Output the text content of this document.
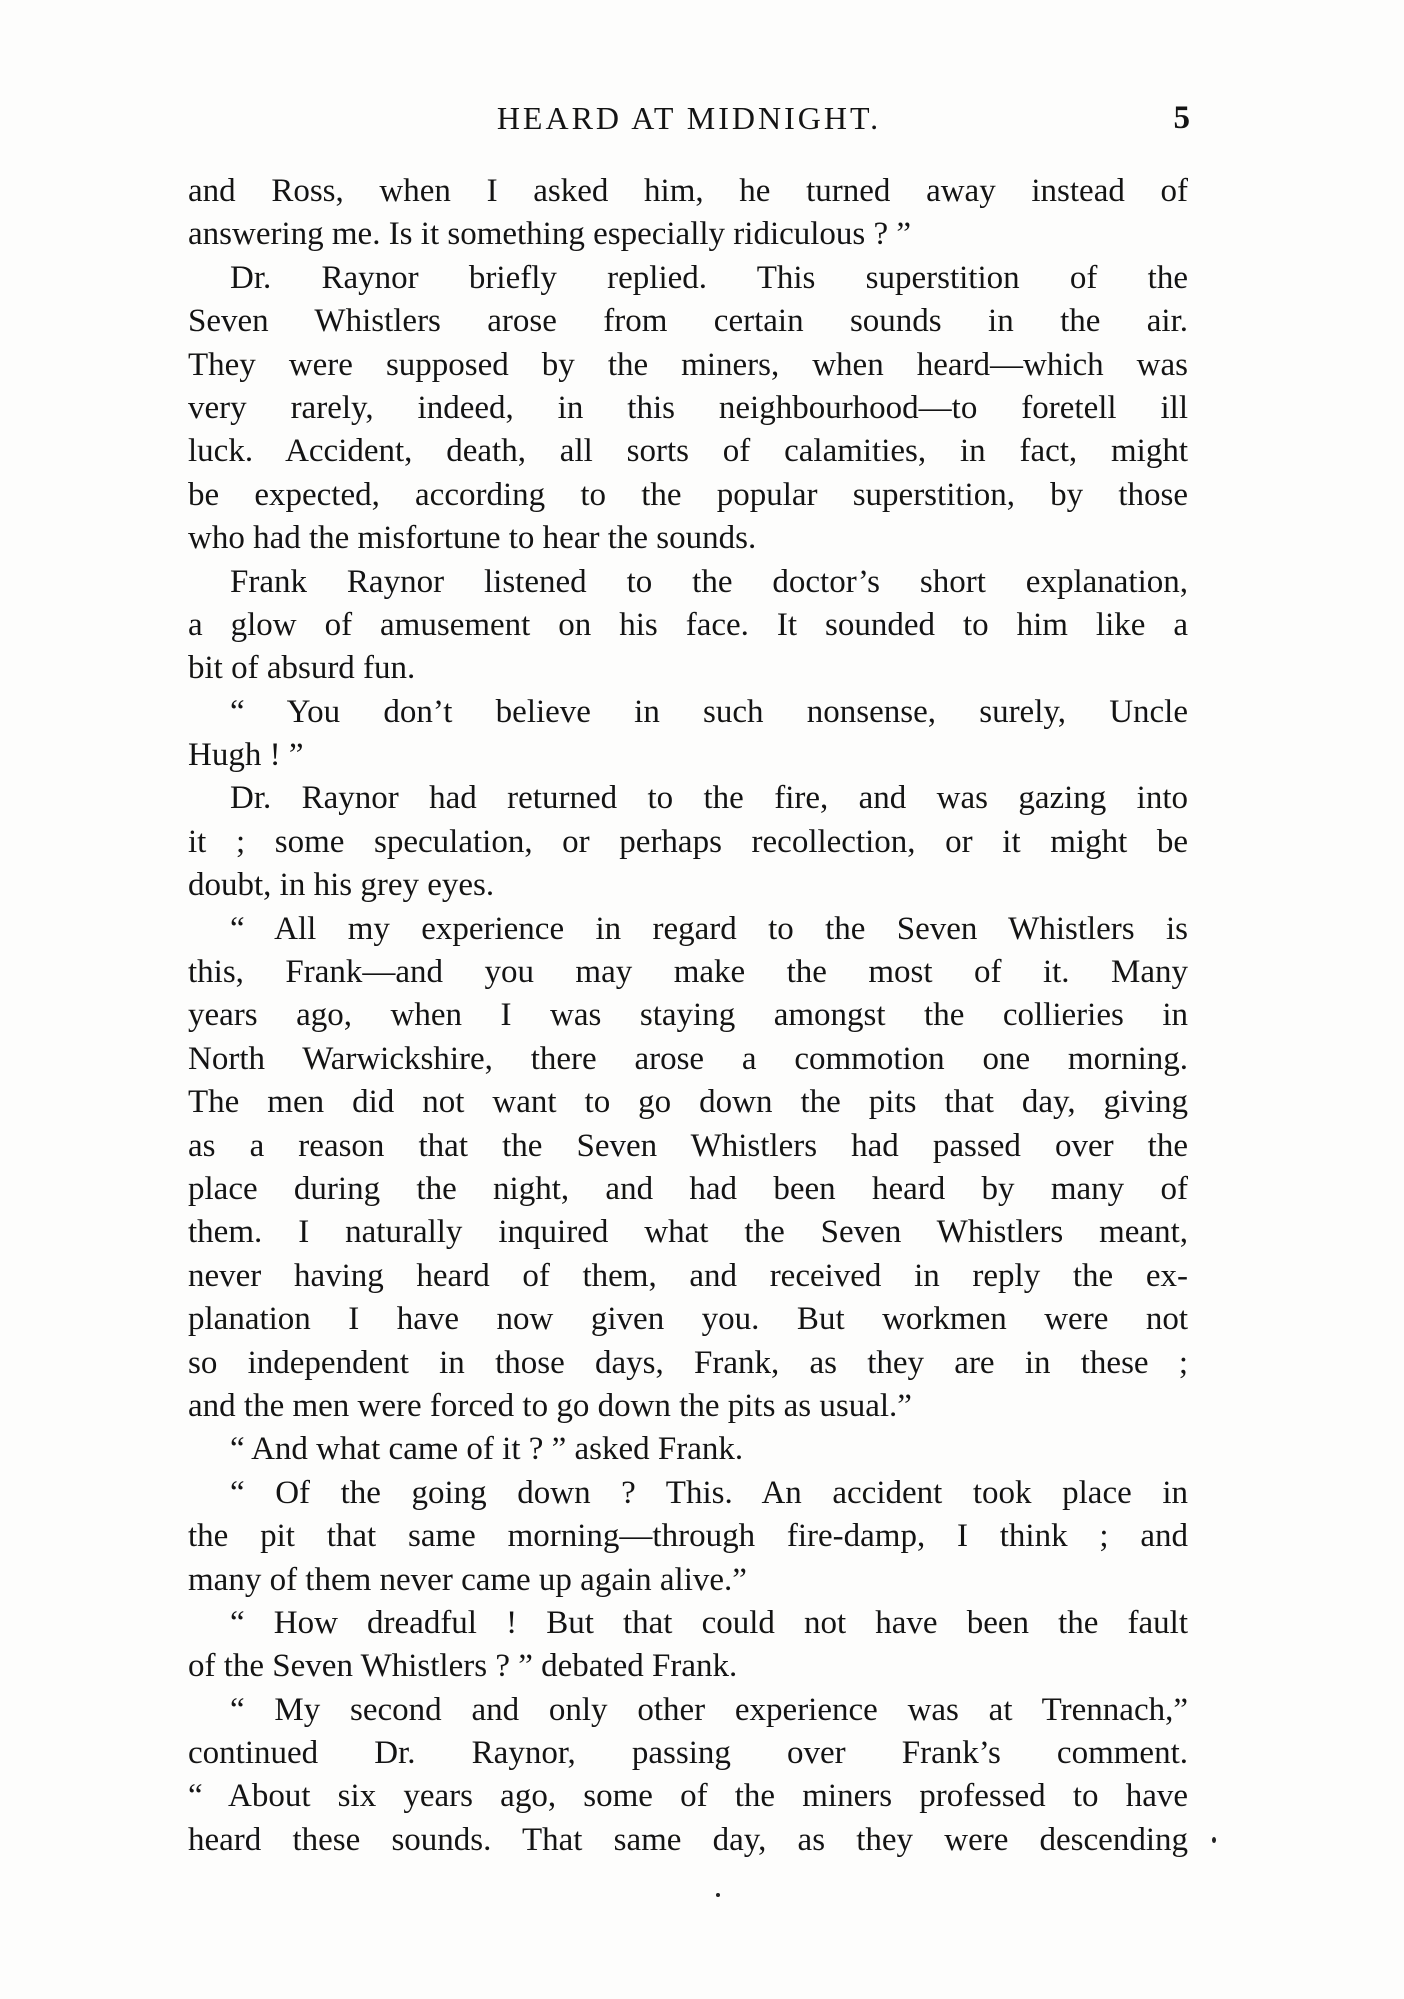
HEARD AT MIDNIGHT.	5
and Ross, when I asked him, he turned away instead of
answering me. Is it something especially ridiculous ? ”
Dr. Raynor briefly replied. This superstition of the
Seven Whistlers arose from certain sounds in the air.
They were supposed by the miners, when heard—which was
very rarely, indeed, in this neighbourhood—to foretell ill
luck. Accident, death, all sorts of calamities, in fact, might
be expected, according to the popular superstition, by those
who had the misfortune to hear the sounds.
Frank Raynor listened to the doctor’s short explanation,
a glow of amusement on his face. It sounded to him like a
bit of absurd fun.
“ You don’t believe in such nonsense, surely, Uncle
Hugh ! ”
Dr. Raynor had returned to the fire, and was gazing into
it ; some speculation, or perhaps recollection, or it might be
doubt, in his grey eyes.
“ All my experience in regard to the Seven Whistlers is
this, Frank—and you may make the most of it. Many
years ago, when I was staying amongst the collieries in
North Warwickshire, there arose a commotion one morning.
The men did not want to go down the pits that day, giving
as a reason that the Seven Whistlers had passed over the
place during the night, and had been heard by many of
them. I naturally inquired what the Seven Whistlers meant,
never having heard of them, and received in reply the ex-
planation I have now given you. But workmen were not
so independent in those days, Frank, as they are in these ;
and the men were forced to go down the pits as usual.”
“ And what came of it ? ” asked Frank.
“ Of the going down ? This. An accident took place in
the pit that same morning—through fire-damp, I think ; and
many of them never came up again alive.”
“ How dreadful ! But that could not have been the fault
of the Seven Whistlers ? ” debated Frank.
“ My second and only other experience was at Trennach,”
continued Dr. Raynor, passing over Frank’s comment.
“ About six years ago, some of the miners professed to have
heard these sounds. That same day, as they were descending
